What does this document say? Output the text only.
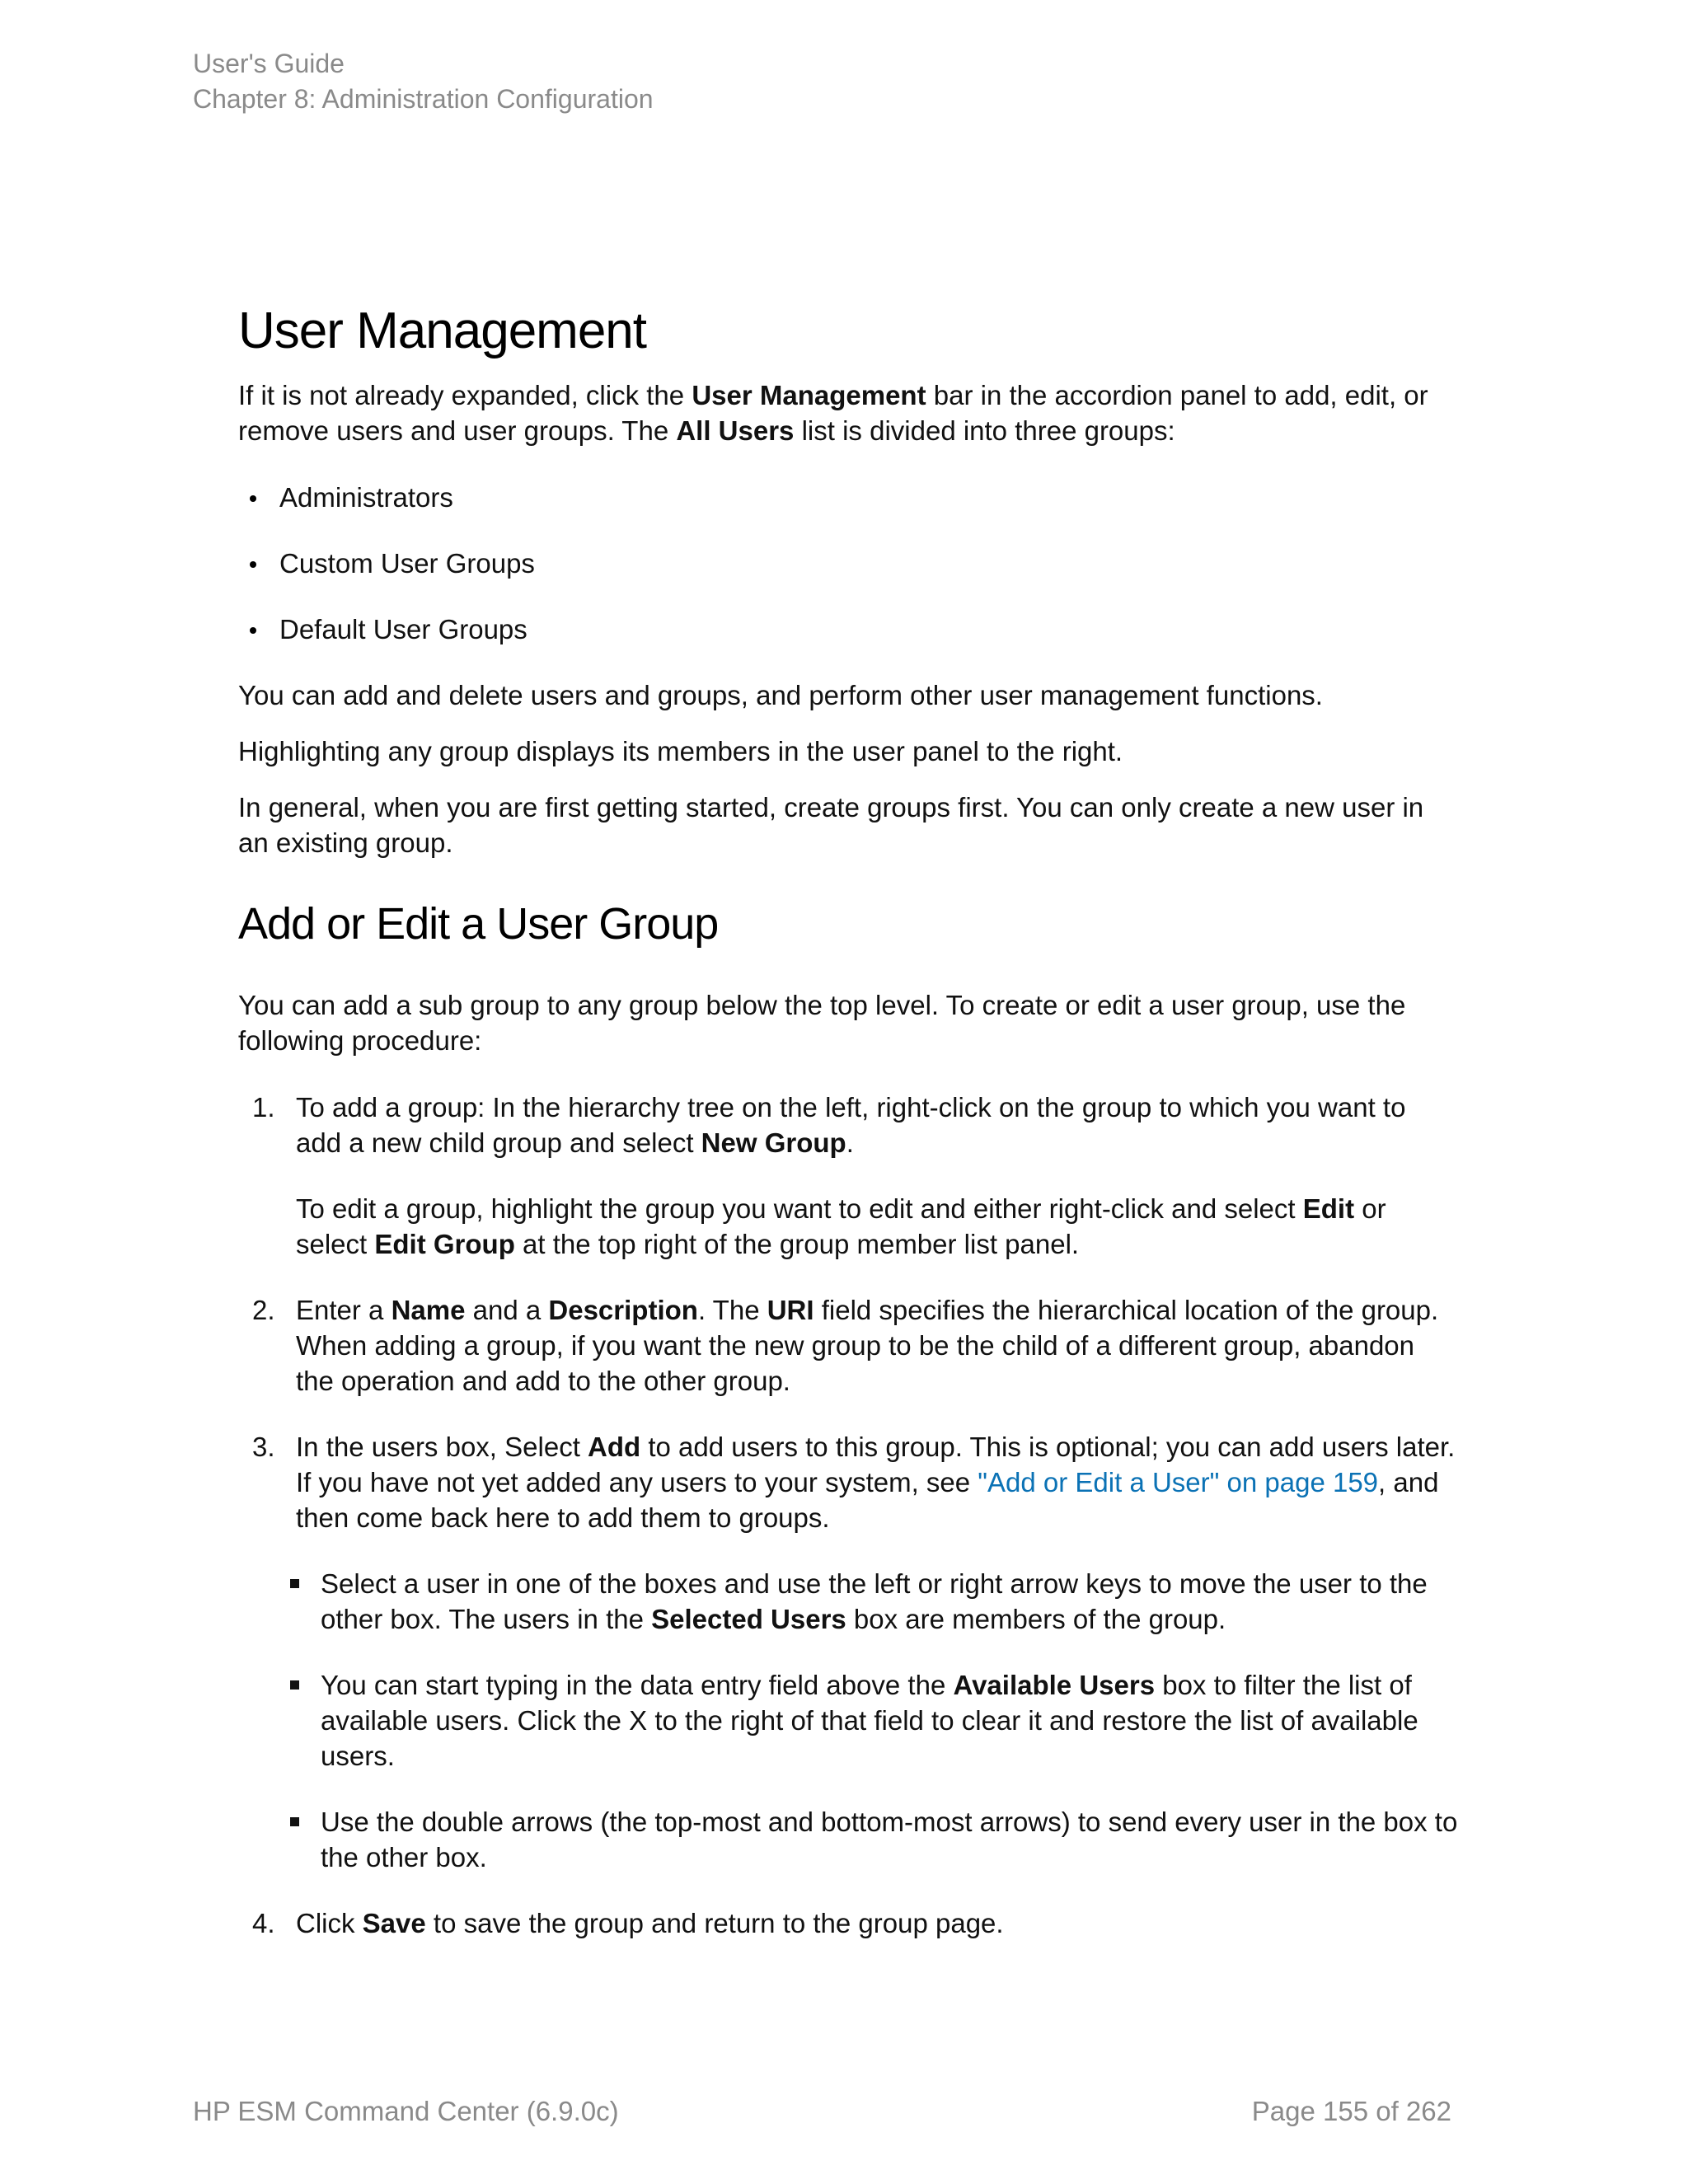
User's Guide
Chapter 8: Administration Configuration
User Management

If it is not already expanded, click the User Management bar in the accordion panel to add, edit, or remove users and user groups. The All Users list is divided into three groups:

Administrators
Custom User Groups
Default User Groups

You can add and delete users and groups, and perform other user management functions.

Highlighting any group displays its members in the user panel to the right.

In general, when you are first getting started, create groups first. You can only create a new user in an existing group.

Add or Edit a User Group

You can add a sub group to any group below the top level. To create or edit a user group, use the following procedure:

1. To add a group: In the hierarchy tree on the left, right-click on the group to which you want to add a new child group and select New Group.

To edit a group, highlight the group you want to edit and either right-click and select Edit or select Edit Group at the top right of the group member list panel.

2. Enter a Name and a Description. The URI field specifies the hierarchical location of the group. When adding a group, if you want the new group to be the child of a different group, abandon the operation and add to the other group.

3. In the users box, Select Add to add users to this group. This is optional; you can add users later. If you have not yet added any users to your system, see "Add or Edit a User" on page 159, and then come back here to add them to groups.

Select a user in one of the boxes and use the left or right arrow keys to move the user to the other box. The users in the Selected Users box are members of the group.
You can start typing in the data entry field above the Available Users box to filter the list of available users. Click the X to the right of that field to clear it and restore the list of available users.
Use the double arrows (the top-most and bottom-most arrows) to send every user in the box to the other box.
4. Click Save to save the group and return to the group page.

HP ESM Command Center (6.9.0c)	Page 155 of 262
